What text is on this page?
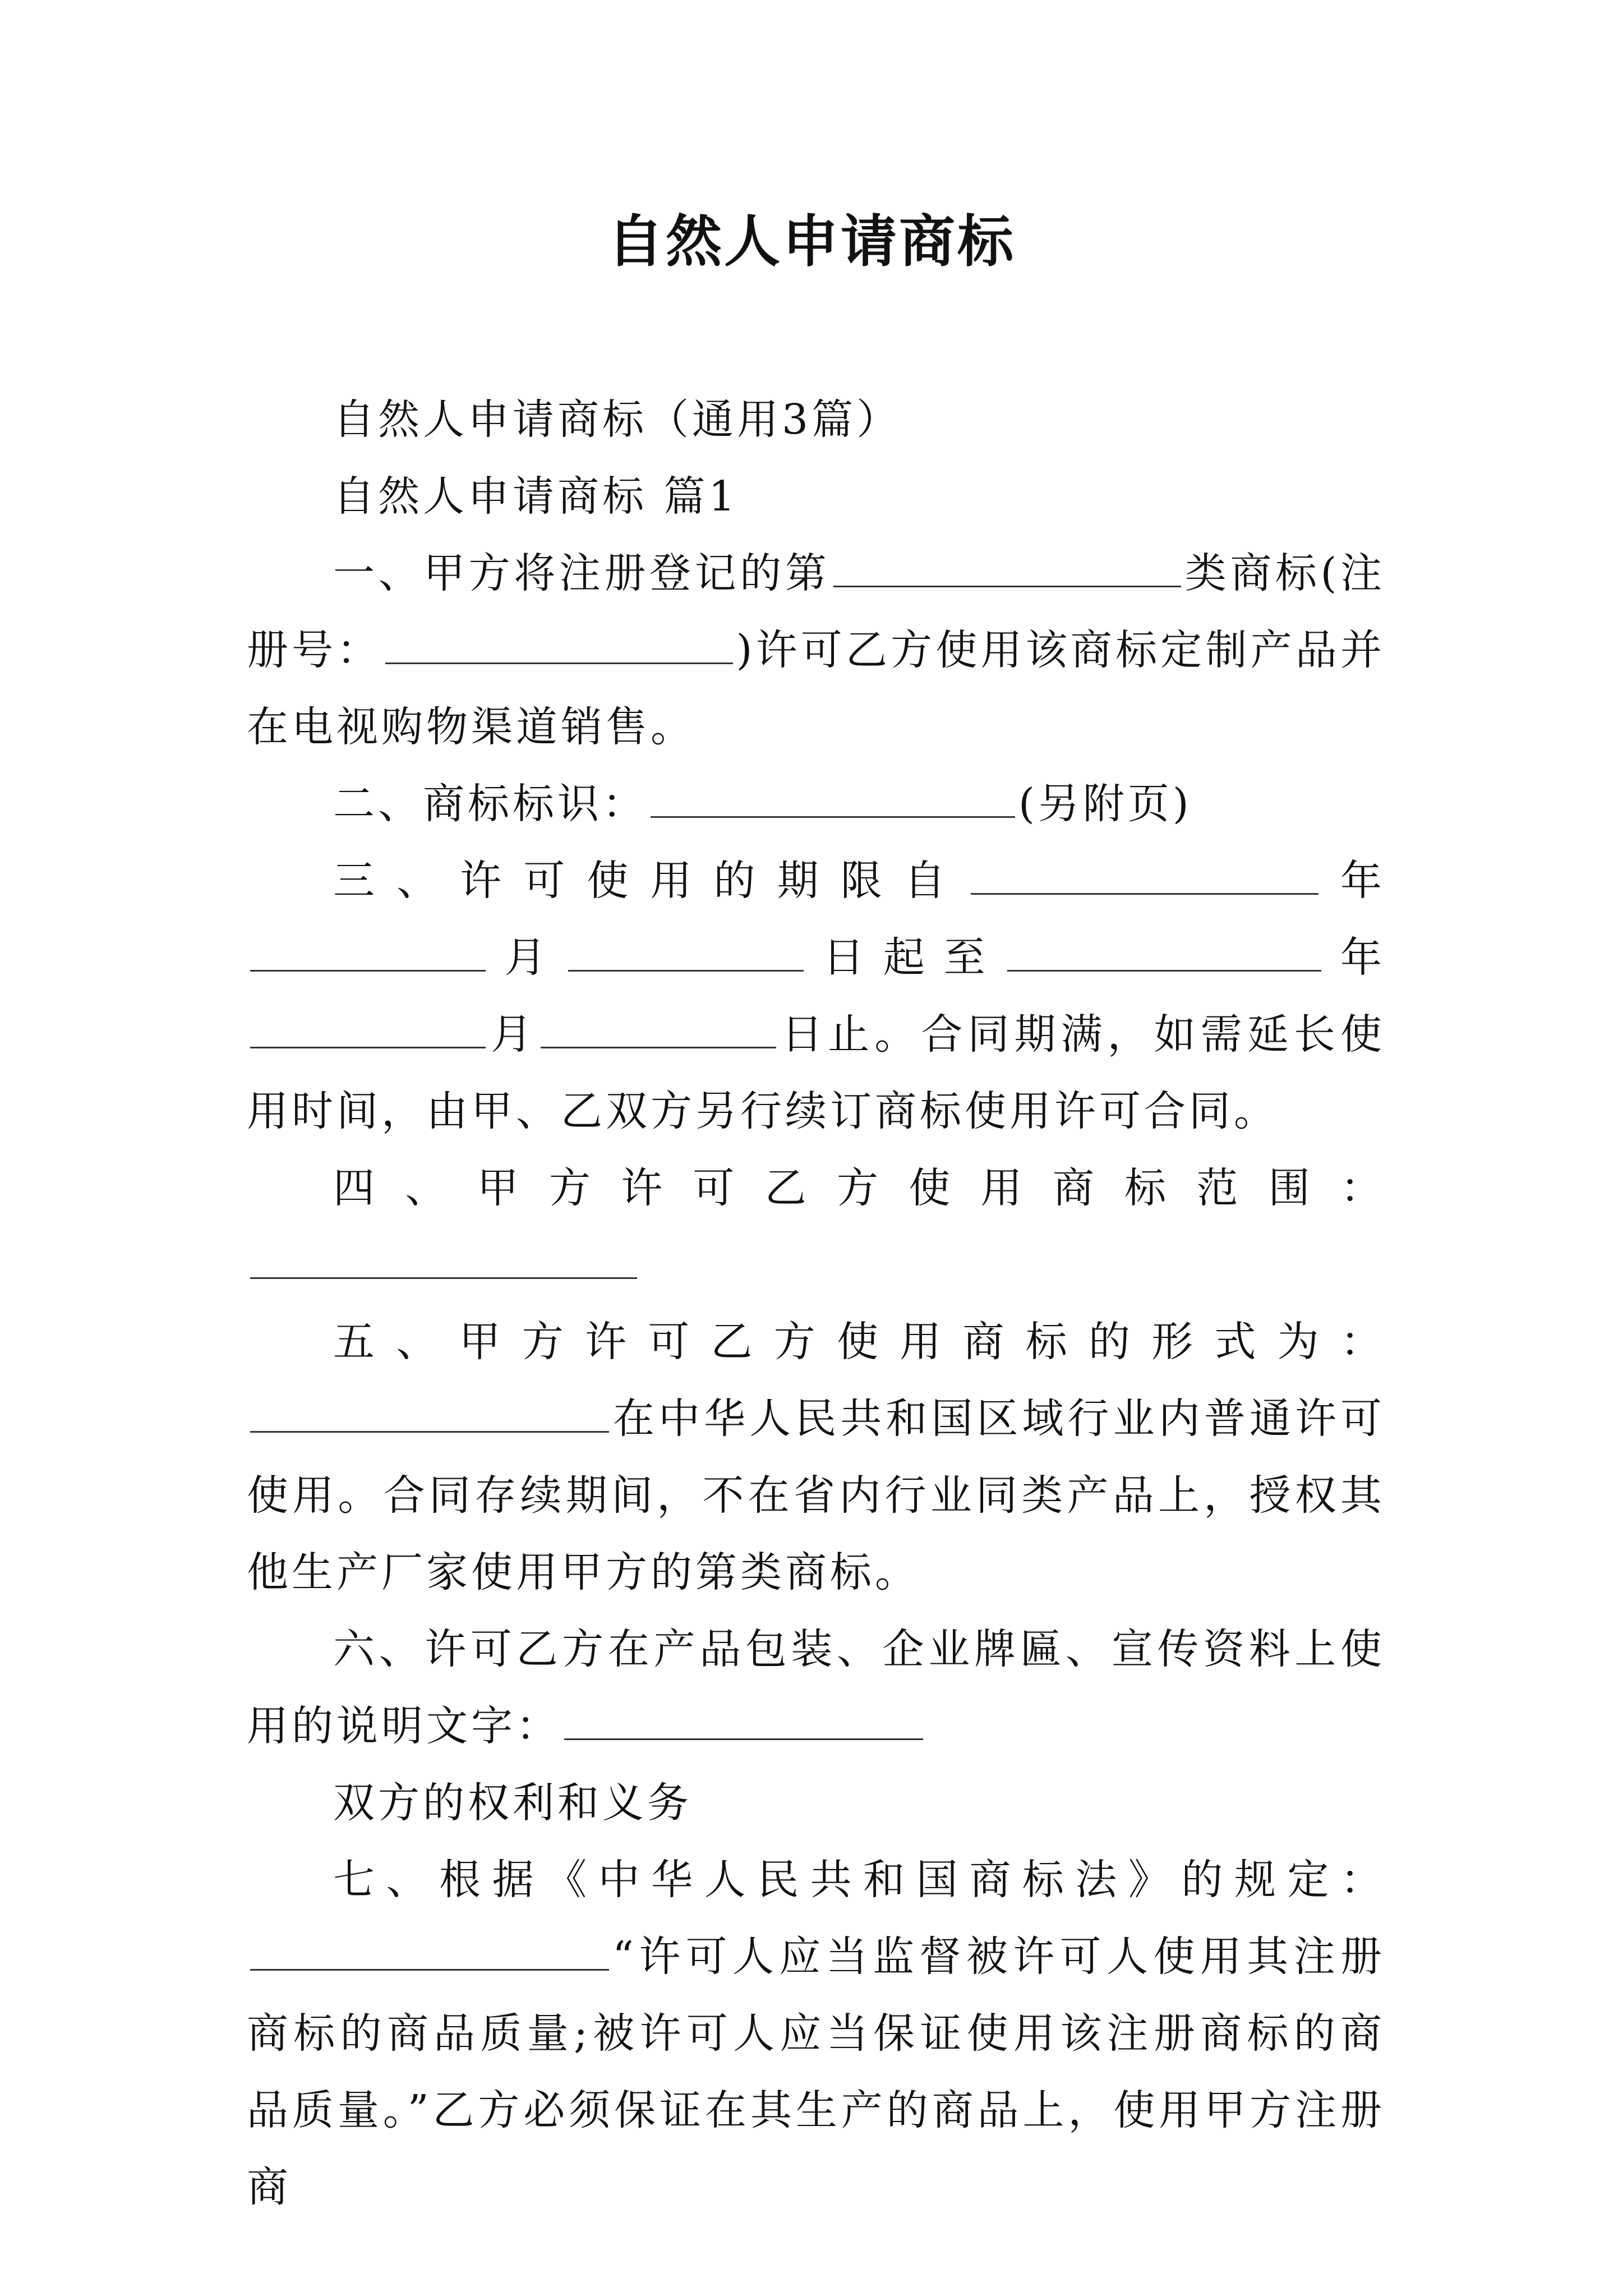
自然人申请商标

自然人申请商标（通用3篇）

自然人申请商标 篇1

一、甲方将注册登记的第	类商标(注册号：	)许可乙方使用该商标定制产品并在电视购物渠道销售。

二、商标标识：	(另附页)

三、许可使用的期限自	年月	日起至	年月	日止。合同期满，如需延长使用时间，由甲、乙双方另行续订商标使用许可合同。

四、甲方许可乙方使用商标范围：

五、甲方许可乙方使用商标的形式为：在中华人民共和国区域行业内普通许可使用。合同存续期间，不在省内行业同类产品上，授权其他生产厂家使用甲方的第类商标。

六、许可乙方在产品包装、企业牌匾、宣传资料上使用的说明文字：

双方的权利和义务

七、根据《中华人民共和国商标法》的规定：“许可人应当监督被许可人使用其注册商标的商品质量;被许可人应当保证使用该注册商标的商品质量。”乙方必须保证在其生产的商品上，使用甲方注册商
